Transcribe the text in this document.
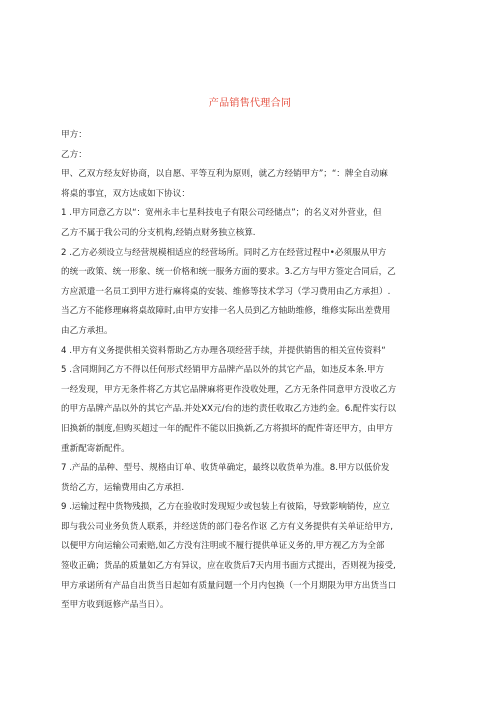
产品销售代理合同
甲方：
乙方：
甲、乙双方经友好协商，以自愿、平等互利为原则，就乙方经销甲方”；“：牌全自动麻
将桌的事宜，双方达成如下协议：
1 .甲方同意乙方以“：宽州永丰七星科技电子有限公司经储点”；的名义对外营业，但
乙方不属于我公司的分支机构,经销点财务独立核算.
2 .乙方必须设立与经营规模相适应的经营场所。同时乙方在经营过程中•必须服从甲方
的统一政策、统一形象、统一价格和统一服务方面的要求。3.乙方与甲方签定合同后，乙
方应派遣一名员工到甲方进行麻将桌的安装、维修等技术学习（学习费用由乙方承担）.
当乙方不能修理麻将桌故障时,由甲方安排一名人员到乙方轴助维修，维修实际出差费用
由乙方承担。
4 .甲方有义务提供相关资料帮助乙方办理各项经营手续，并提供销售的相关宣传资料“
5 .含同期间乙方不得以任何形式经销甲方品牌产品以外的其它产品，如违反本条.甲方
一经发现，甲方无条件将乙方其它品牌麻将更作没收处理，乙方无条件同意甲方没收乙方
的甲方品牌产品以外的其它产品.并处XX元/台的违约责任收取乙方违约金。6.配件实行以
旧换新的制度,但购买超过一年的配件不能以旧换新,乙方将损坏的配件寄还甲方，由甲方
重新配寄新配件。
7 .产品的品种、型号、规格由订单、收货单确定，最终以收货单为准。8.甲方以低价发
货给乙方，运输费用由乙方承担.
9 .运输过程中货物残损，乙方在验收时发现短少或包装上有彼陷，导致影响销传，应立
即与我公司业务负货人联系，并经送货的部门卷名作讴 乙方有义务提供有关单证给甲方,
以便甲方向运输公司索赔,如乙方没有注明或不履行提供单证义务的,甲方视乙方为全部
签收正确；货品的质量如乙方有异议，应在收货后7天内用书面方式提出，否则视为接受,
甲方承诺所有产品自出货当日起如有质量问题一个月内包换（一个月期限为甲方出货当口
至甲方收到返修产品当日）。
